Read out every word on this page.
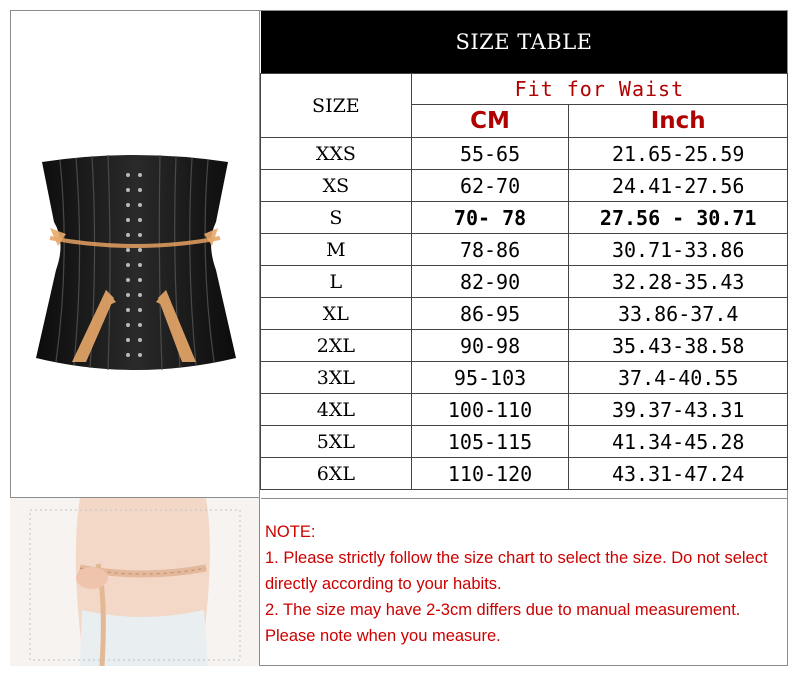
SIZE TABLE
SIZE	Fit for Waist	
	CM	Inch
XXS	55-65	21.65-25.59
XS	62-70	24.41-27.56
S	70- 78	27.56 - 30.71
M	78-86	30.71-33.86
L	82-90	32.28-35.43
XL	86-95	33.86-37.4
2XL	90-98	35.43-38.58
3XL	95-103	37.4-40.55
4XL	100-110	39.37-43.31
5XL	105-115	41.34-45.28
6XL	110-120	43.31-47.24

NOTE:

1. Please strictly follow the size chart to select the size. Do not select directly according to your habits.

2. The size may have 2-3cm differs due to manual measurement. Please note when you measure.
